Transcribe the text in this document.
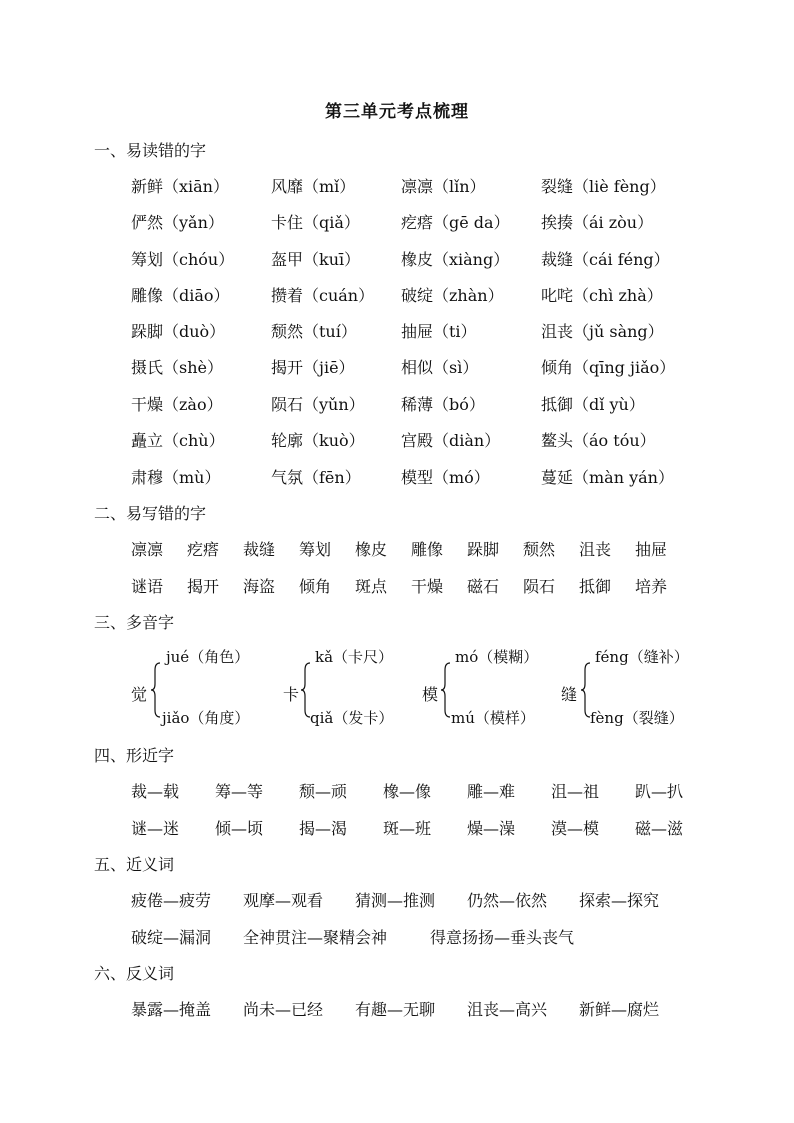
第三单元考点梳理
一、易读错的字
新鲜（xiān）	风靡（mǐ）	凛凛（lǐn）	裂缝（liè fèng）
俨然（yǎn）	卡住（qiǎ）	疙瘩（gē da） 挨揍（ái zòu）
筹划（chóu） 盔甲（kuī）	橡皮（xiàng） 裁缝（cái féng）
雕像（diāo）	攒着（cuán） 破绽（zhàn） 叱咤（chì zhà）
跺脚（duò）	颓然（tuí）	抽屉（ti）	沮丧（jǔ sàng）
摄氏（shè）	揭开（jiē）	相似（sì）	倾角（qīng jiǎo）
干燥（zào）	陨石（yǔn） 稀薄（bó）	抵御（dǐ yù）
矗立（chù）	轮廓（kuò） 宫殿（diàn）	鳌头（áo tóu）
肃穆（mù）	气氛（fēn）	模型（mó）	蔓延（màn yán）
二、易写错的字
凛凛 疙瘩 裁缝 筹划 橡皮 雕像 跺脚 颓然 沮丧 抽屉
谜语 揭开 海盗 倾角 斑点 干燥 磁石 陨石 抵御 培养
三、多音字
觉
jué（角色）
jiǎo（角度）
卡
kǎ（卡尺）
qiǎ（发卡）
模
mó（模糊）
mú（模样）
缝
féng（缝补）
fèng（裂缝）
四、形近字
裁—载 筹—等 颓—顽 橡—像 雕—难 沮—祖 趴—扒
谜—迷 倾—顷 揭—渴 斑—班 燥—澡 漠—模 磁—滋
五、近义词
疲倦—疲劳 观摩—观看 猜测—推测 仍然—依然 探索—探究
破绽—漏洞 全神贯注—聚精会神	得意扬扬—垂头丧气
六、反义词
暴露—掩盖 尚未—已经 有趣—无聊 沮丧—高兴 新鲜—腐烂
